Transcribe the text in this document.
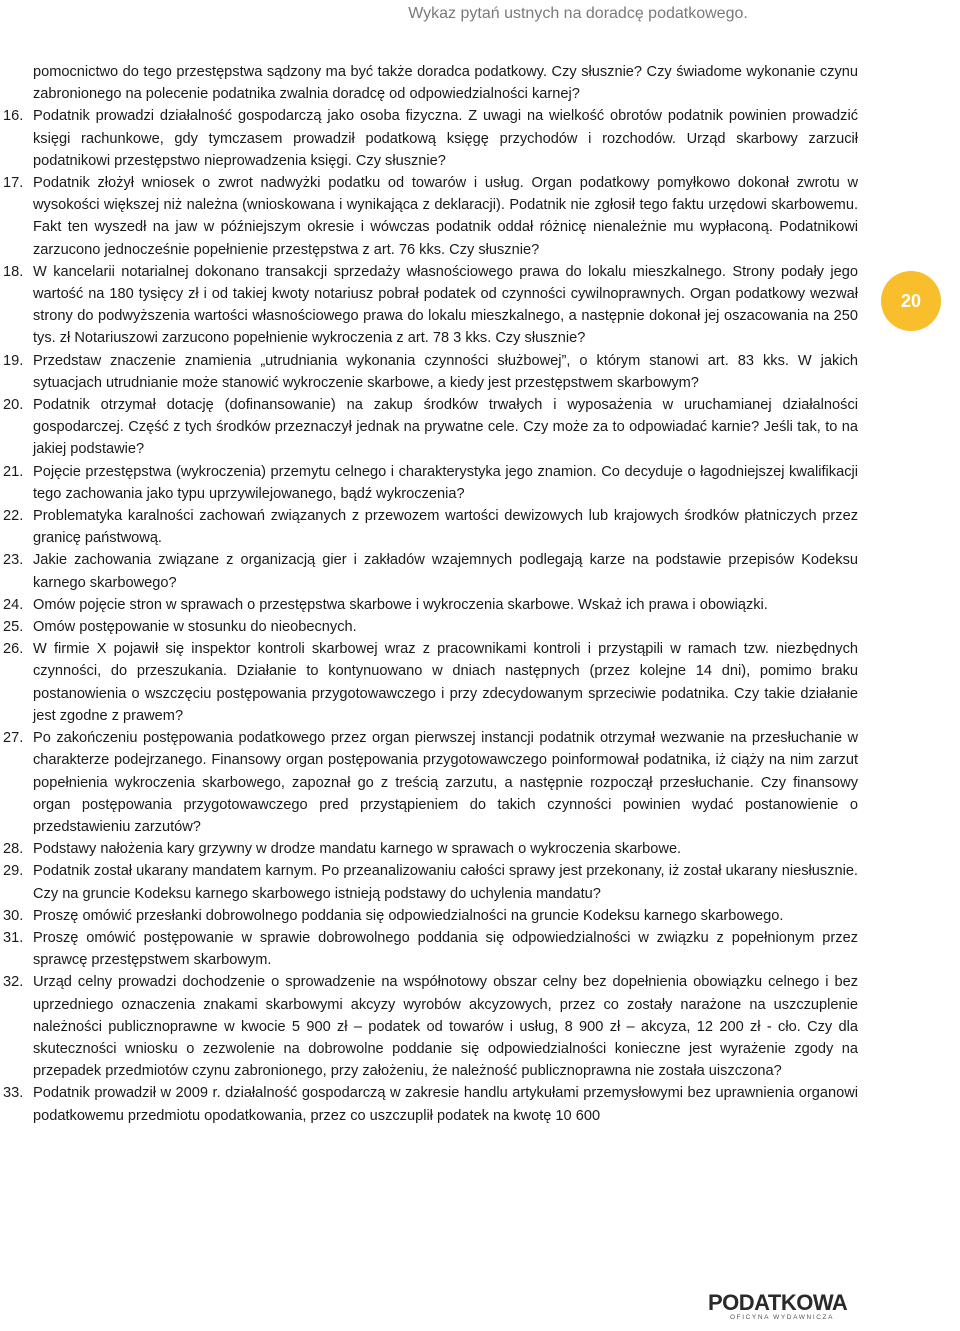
Wykaz pytań ustnych na doradcę podatkowego.

pomocnictwo do tego przestępstwa sądzony ma być także doradca podatkowy. Czy słusznie? Czy świadome wykonanie czynu zabronionego na polecenie podatnika zwalnia doradcę od odpowiedzialności karnej?

16. Podatnik prowadzi działalność gospodarczą jako osoba fizyczna. Z uwagi na wielkość obrotów podatnik powinien prowadzić księgi rachunkowe, gdy tymczasem prowadził podatkową księgę przychodów i rozchodów. Urząd skarbowy zarzucił podatnikowi przestępstwo nieprowadzenia księgi. Czy słusznie?
17. Podatnik złożył wniosek o zwrot nadwyżki podatku od towarów i usług. Organ podatkowy pomyłkowo dokonał zwrotu w wysokości większej niż należna (wnioskowana i wynikająca z deklaracji). Podatnik nie zgłosił tego faktu urzędowi skarbowemu. Fakt ten wyszedł na jaw w późniejszym okresie i wówczas podatnik oddał różnicę nienależnie mu wypłaconą. Podatnikowi zarzucono jednocześnie popełnienie przestępstwa z art. 76 kks. Czy słusznie?
18. W kancelarii notarialnej dokonano transakcji sprzedaży własnościowego prawa do lokalu mieszkalnego. Strony podały jego wartość na 180 tysięcy zł i od takiej kwoty notariusz pobrał podatek od czynności cywilnoprawnych. Organ podatkowy wezwał strony do podwyższenia wartości własnościowego prawa do lokalu mieszkalnego, a następnie dokonał jej oszacowania na 250 tys. zł Notariuszowi zarzucono popełnienie wykroczenia z art. 78 3 kks. Czy słusznie?
19. Przedstaw znaczenie znamienia „utrudniania wykonania czynności służbowej”, o którym stanowi art. 83 kks. W jakich sytuacjach utrudnianie może stanowić wykroczenie skarbowe, a kiedy jest przestępstwem skarbowym?
20. Podatnik otrzymał dotację (dofinansowanie) na zakup środków trwałych i wyposażenia w uruchamianej działalności gospodarczej. Część z tych środków przeznaczył jednak na prywatne cele. Czy może za to odpowiadać karnie? Jeśli tak, to na jakiej podstawie?
21. Pojęcie przestępstwa (wykroczenia) przemytu celnego i charakterystyka jego znamion. Co decyduje o łagodniejszej kwalifikacji tego zachowania jako typu uprzywilejowanego, bądź wykroczenia?
22. Problematyka karalności zachowań związanych z przewozem wartości dewizowych lub krajowych środków płatniczych przez granicę państwową.
23. Jakie zachowania związane z organizacją gier i zakładów wzajemnych podlegają karze na podstawie przepisów Kodeksu karnego skarbowego?
24. Omów pojęcie stron w sprawach o przestępstwa skarbowe i wykroczenia skarbowe. Wskaż ich prawa i obowiązki.
25. Omów postępowanie w stosunku do nieobecnych.
26. W firmie X pojawił się inspektor kontroli skarbowej wraz z pracownikami kontroli i przystąpili w ramach tzw. niezbędnych czynności, do przeszukania. Działanie to kontynuowano w dniach następnych (przez kolejne 14 dni), pomimo braku postanowienia o wszczęciu postępowania przygotowawczego i przy zdecydowanym sprzeciwie podatnika. Czy takie działanie jest zgodne z prawem?
27. Po zakończeniu postępowania podatkowego przez organ pierwszej instancji podatnik otrzymał wezwanie na przesłuchanie w charakterze podejrzanego. Finansowy organ postępowania przygotowawczego poinformował podatnika, iż ciąży na nim zarzut popełnienia wykroczenia skarbowego, zapoznał go z treścią zarzutu, a następnie rozpoczął przesłuchanie. Czy finansowy organ postępowania przygotowawczego pred przystąpieniem do takich czynności powinien wydać postanowienie o przedstawieniu zarzutów?
28. Podstawy nałożenia kary grzywny w drodze mandatu karnego w sprawach o wykroczenia skarbowe.
29. Podatnik został ukarany mandatem karnym. Po przeanalizowaniu całości sprawy jest przekonany, iż został ukarany niesłusznie. Czy na gruncie Kodeksu karnego skarbowego istnieją podstawy do uchylenia mandatu?
30. Proszę omówić przesłanki dobrowolnego poddania się odpowiedzialności na gruncie Kodeksu karnego skarbowego.
31. Proszę omówić postępowanie w sprawie dobrowolnego poddania się odpowiedzialności w związku z popełnionym przez sprawcę przestępstwem skarbowym.
32. Urząd celny prowadzi dochodzenie o sprowadzenie na współnotowy obszar celny bez dopełnienia obowiązku celnego i bez uprzedniego oznaczenia znakami skarbowymi akcyzy wyrobów akcyzowych, przez co zostały narażone na uszczuplenie należności publicznoprawne w kwocie 5 900 zł – podatek od towarów i usług, 8 900 zł – akcyza, 12 200 zł - cło. Czy dla skuteczności wniosku o zezwolenie na dobrowolne poddanie się odpowiedzialności konieczne jest wyrażenie zgody na przepadek przedmiotów czynu zabronionego, przy założeniu, że należność publicznoprawna nie została uiszczona?
33. Podatnik prowadził w 2009 r. działalność gospodarczą w zakresie handlu artykułami przemysłowymi bez uprawnienia organowi podatkowemu przedmiotu opodatkowania, przez co uszczuplił podatek na kwotę 10 600
20
PODATKOWA
OFICYNA WYDAWNICZA
